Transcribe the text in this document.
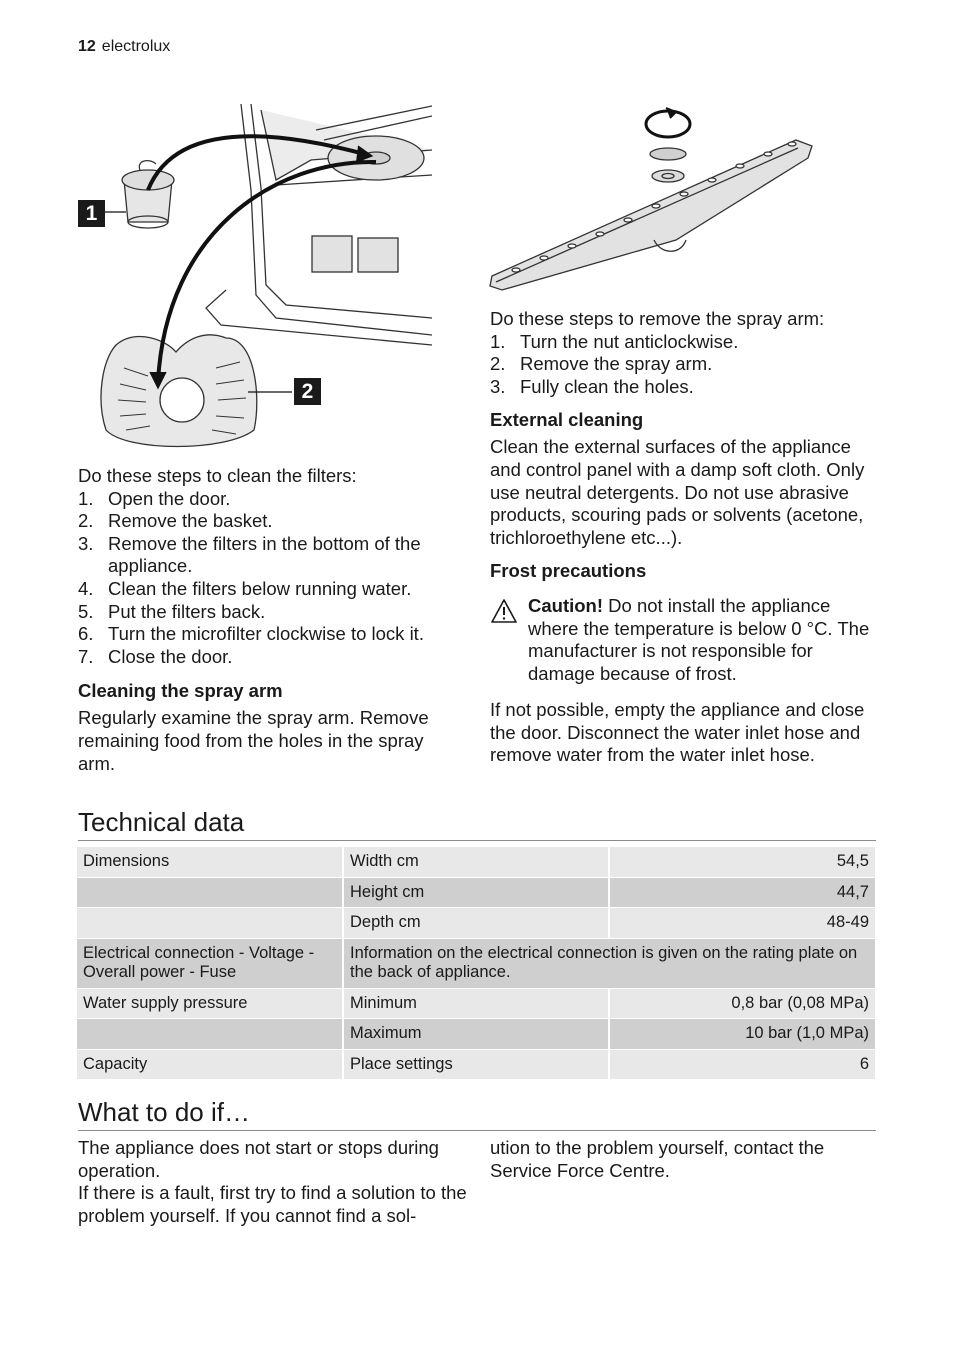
12 electrolux
1
2

Do these steps to clean the filters:

1. Open the door.
2. Remove the basket.
3. Remove the filters in the bottom of the appliance.
4. Clean the filters below running water.
5. Put the filters back.
6. Turn the microfilter clockwise to lock it.
7. Close the door.

Cleaning the spray arm

Regularly examine the spray arm. Remove remaining food from the holes in the spray arm.

Do these steps to remove the spray arm:

1. Turn the nut anticlockwise.
2. Remove the spray arm.
3. Fully clean the holes.

External cleaning

Clean the external surfaces of the appliance and control panel with a damp soft cloth. Only use neutral detergents. Do not use abrasive products, scouring pads or solvents (acetone, trichloroethylene etc...).

Frost precautions

Caution! Do not install the appliance where the temperature is below 0 °C. The manufacturer is not responsible for damage because of frost.

If not possible, empty the appliance and close the door. Disconnect the water inlet hose and remove water from the water inlet hose.

Technical data
Dimensions	Width cm	54,5
	Height cm	44,7
	Depth cm	48-49
Electrical connection - Voltage - Overall power - Fuse	Information on the electrical connection is given on the rating plate on the back of appliance.	
Water supply pressure	Minimum	0,8 bar (0,08 MPa)
	Maximum	10 bar (1,0 MPa)
Capacity	Place settings	6
What to do if…

The appliance does not start or stops during operation.

If there is a fault, first try to find a solution to the problem yourself. If you cannot find a sol-

ution to the problem yourself, contact the Service Force Centre.
